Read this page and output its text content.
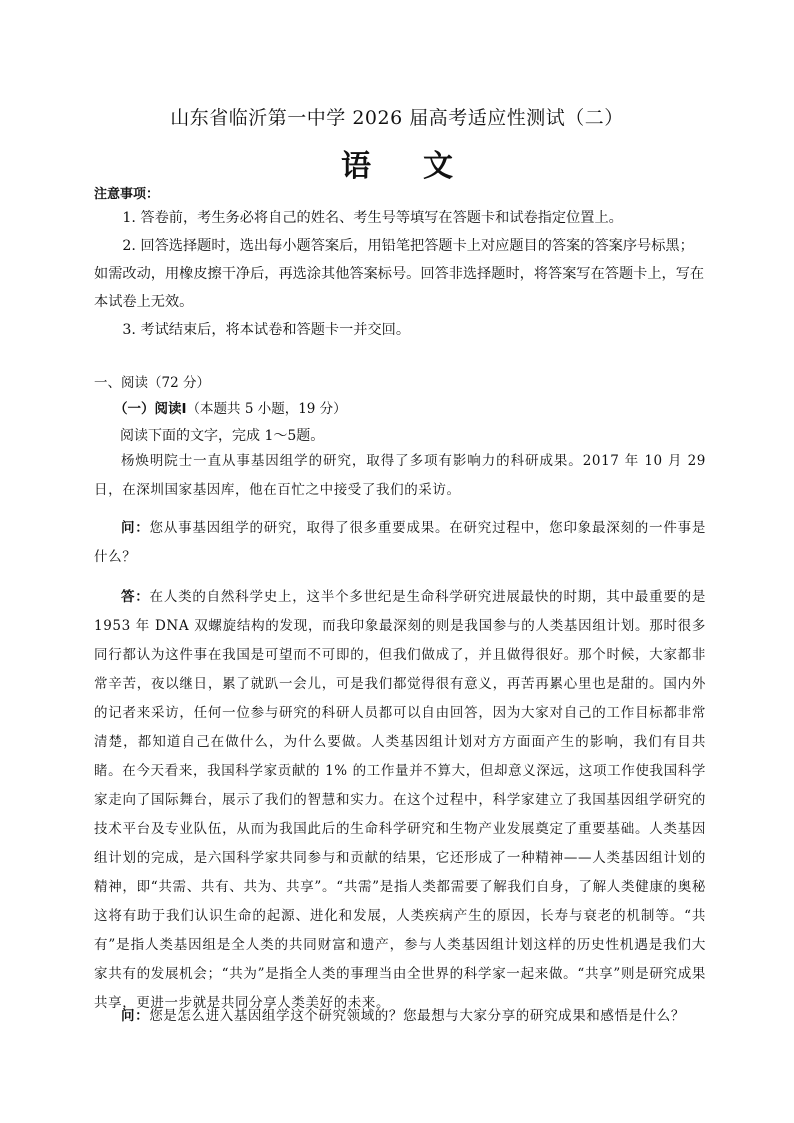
山东省临沂第一中学 2026 届高考适应性测试（二）
语 文
注意事项：

1. 答卷前，考生务必将自己的姓名、考生号等填写在答题卡和试卷指定位置上。

2. 回答选择题时，选出每小题答案后，用铅笔把答题卡上对应题目的答案的答案序号标黑；如需改动，用橡皮擦干净后，再选涂其他答案标号。回答非选择题时，将答案写在答题卡上，写在本试卷上无效。

3. 考试结束后，将本试卷和答题卡一并交回。

一、阅读（72 分）
（一）阅读Ⅰ（本题共 5 小题，19 分）
阅读下面的文字，完成 1～5题。

杨焕明院士一直从事基因组学的研究，取得了多项有影响力的科研成果。2017 年 10 月 29 日，在深圳国家基因库，他在百忙之中接受了我们的采访。

问：您从事基因组学的研究，取得了很多重要成果。在研究过程中，您印象最深刻的一件事是什么？

答：在人类的自然科学史上，这半个多世纪是生命科学研究进展最快的时期，其中最重要的是 1953 年 DNA 双螺旋结构的发现，而我印象最深刻的则是我国参与的人类基因组计划。那时很多同行都认为这件事在我国是可望而不可即的，但我们做成了，并且做得很好。那个时候，大家都非常辛苦，夜以继日，累了就趴一会儿，可是我们都觉得很有意义，再苦再累心里也是甜的。国内外的记者来采访，任何一位参与研究的科研人员都可以自由回答，因为大家对自己的工作目标都非常清楚，都知道自己在做什么，为什么要做。人类基因组计划对方方面面产生的影响，我们有目共睹。在今天看来，我国科学家贡献的 1% 的工作量并不算大，但却意义深远，这项工作使我国科学家走向了国际舞台，展示了我们的智慧和实力。在这个过程中，科学家建立了我国基因组学研究的技术平台及专业队伍，从而为我国此后的生命科学研究和生物产业发展奠定了重要基础。人类基因组计划的完成，是六国科学家共同参与和贡献的结果，它还形成了一种精神——人类基因组计划的精神，即“共需、共有、共为、共享”。“共需”是指人类都需要了解我们自身，了解人类健康的奥秘这将有助于我们认识生命的起源、进化和发展，人类疾病产生的原因，长寿与衰老的机制等。“共有”是指人类基因组是全人类的共同财富和遗产，参与人类基因组计划这样的历史性机遇是我们大家共有的发展机会；“共为”是指全人类的事理当由全世界的科学家一起来做。“共享”则是研究成果共享，更进一步就是共同分享人类美好的未来。

问：您是怎么进入基因组学这个研究领域的？您最想与大家分享的研究成果和感悟是什么？
